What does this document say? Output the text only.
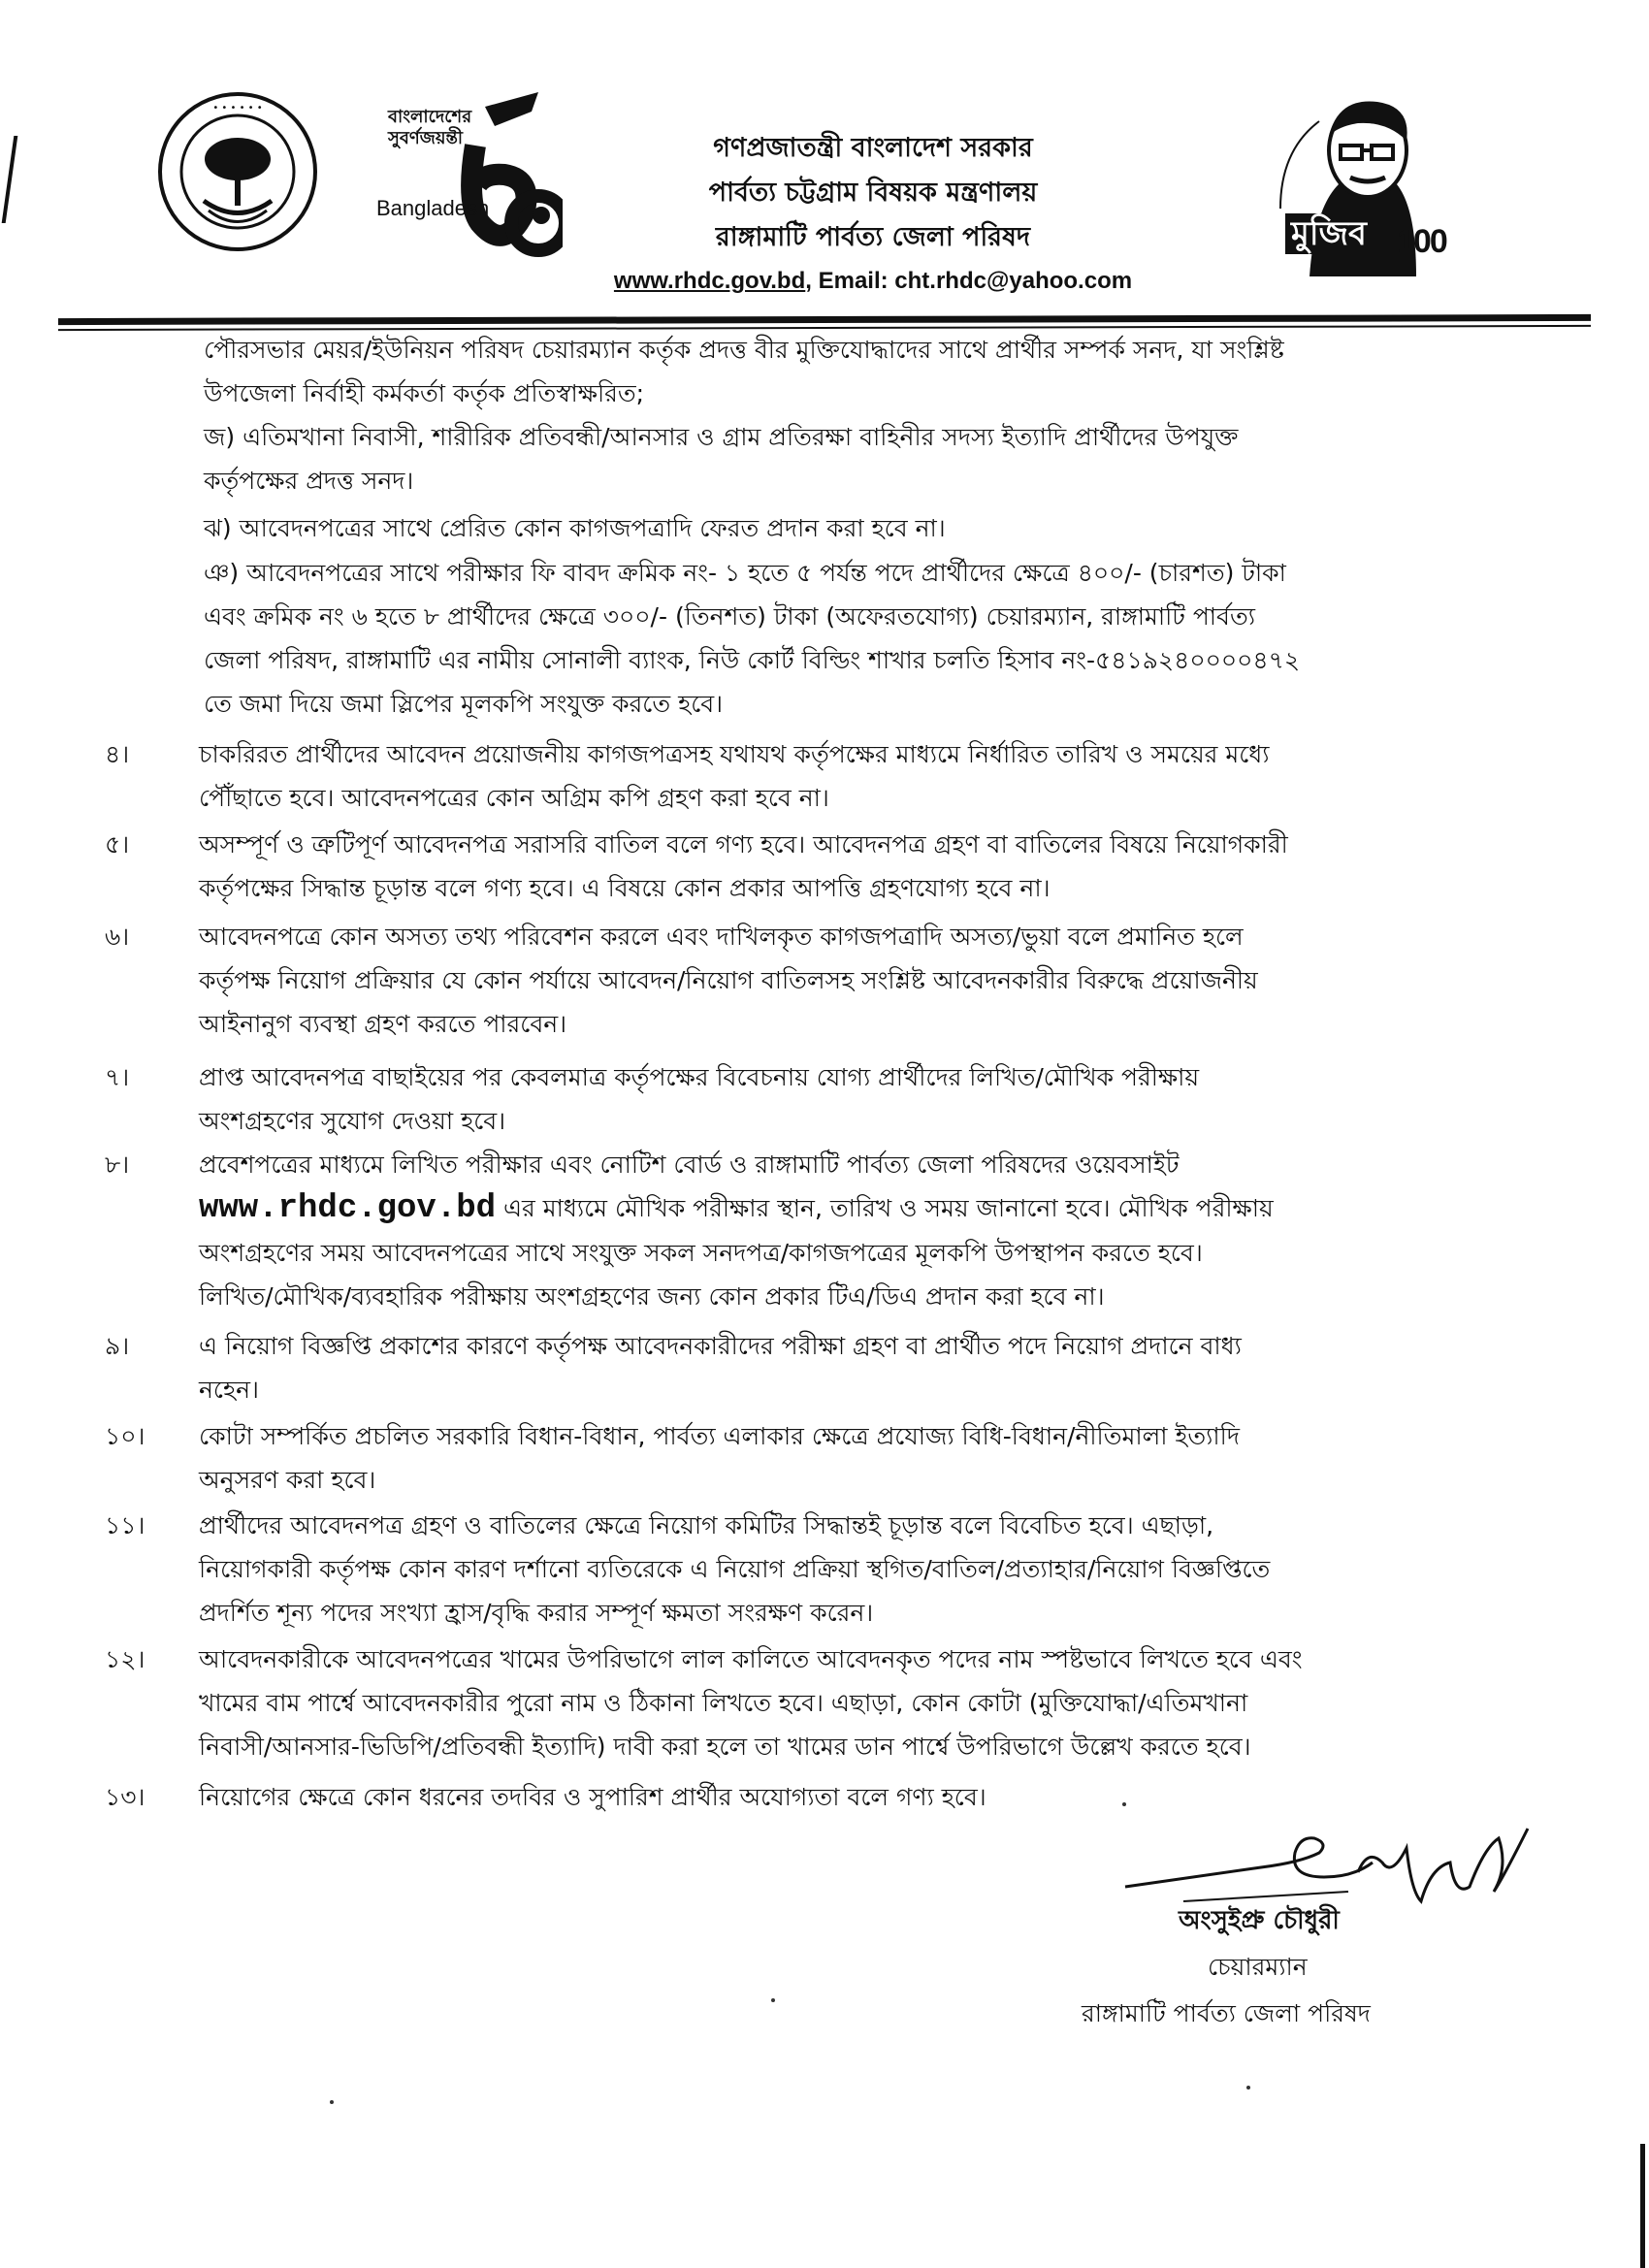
• • • • • •	বাংলাদেশের সুবর্ণজয়ন্তী
Bangladesh
গণপ্রজাতন্ত্রী বাংলাদেশ সরকার
পার্বত্য চট্টগ্রাম বিষয়ক মন্ত্রণালয়
রাঙ্গামাটি পার্বত্য জেলা পরিষদ
www.rhdc.gov.bd, Email: cht.rhdc@yahoo.com
মুজিব 100
পৌরসভার মেয়র/ইউনিয়ন পরিষদ চেয়ারম্যান কর্তৃক প্রদত্ত বীর মুক্তিযোদ্ধাদের সাথে প্রার্থীর সম্পর্ক সনদ, যা সংশ্লিষ্ট
উপজেলা নির্বাহী কর্মকর্তা কর্তৃক প্রতিস্বাক্ষরিত;
জ) এতিমখানা নিবাসী, শারীরিক প্রতিবন্ধী/আনসার ও গ্রাম প্রতিরক্ষা বাহিনীর সদস্য ইত্যাদি প্রার্থীদের উপযুক্ত
কর্তৃপক্ষের প্রদত্ত সনদ।
ঝ) আবেদনপত্রের সাথে প্রেরিত কোন কাগজপত্রাদি ফেরত প্রদান করা হবে না।
ঞ) আবেদনপত্রের সাথে পরীক্ষার ফি বাবদ ক্রমিক নং- ১ হতে ৫ পর্যন্ত পদে প্রার্থীদের ক্ষেত্রে ৪০০/- (চারশত) টাকা
এবং ক্রমিক নং ৬ হতে ৮ প্রার্থীদের ক্ষেত্রে ৩০০/- (তিনশত) টাকা (অফেরতযোগ্য) চেয়ারম্যান, রাঙ্গামাটি পার্বত্য
জেলা পরিষদ, রাঙ্গামাটি এর নামীয় সোনালী ব্যাংক, নিউ কোর্ট বিল্ডিং শাখার চলতি হিসাব নং-৫৪১৯২৪০০০০৪৭২
তে জমা দিয়ে জমা স্লিপের মূলকপি সংযুক্ত করতে হবে।
৪।	চাকরিরত প্রার্থীদের আবেদন প্রয়োজনীয় কাগজপত্রসহ যথাযথ কর্তৃপক্ষের মাধ্যমে নির্ধারিত তারিখ ও সময়ের মধ্যে
পৌঁছাতে হবে। আবেদনপত্রের কোন অগ্রিম কপি গ্রহণ করা হবে না।
৫।	অসম্পূর্ণ ও ত্রুটিপূর্ণ আবেদনপত্র সরাসরি বাতিল বলে গণ্য হবে। আবেদনপত্র গ্রহণ বা বাতিলের বিষয়ে নিয়োগকারী
কর্তৃপক্ষের সিদ্ধান্ত চূড়ান্ত বলে গণ্য হবে। এ বিষয়ে কোন প্রকার আপত্তি গ্রহণযোগ্য হবে না।
৬।	আবেদনপত্রে কোন অসত্য তথ্য পরিবেশন করলে এবং দাখিলকৃত কাগজপত্রাদি অসত্য/ভুয়া বলে প্রমানিত হলে
কর্তৃপক্ষ নিয়োগ প্রক্রিয়ার যে কোন পর্যায়ে আবেদন/নিয়োগ বাতিলসহ সংশ্লিষ্ট আবেদনকারীর বিরুদ্ধে প্রয়োজনীয়
আইনানুগ ব্যবস্থা গ্রহণ করতে পারবেন।
৭।	প্রাপ্ত আবেদনপত্র বাছাইয়ের পর কেবলমাত্র কর্তৃপক্ষের বিবেচনায় যোগ্য প্রার্থীদের লিখিত/মৌখিক পরীক্ষায়
অংশগ্রহণের সুযোগ দেওয়া হবে।
৮।	প্রবেশপত্রের মাধ্যমে লিখিত পরীক্ষার এবং নোটিশ বোর্ড ও রাঙ্গামাটি পার্বত্য জেলা পরিষদের ওয়েবসাইট
www.rhdc.gov.bd এর মাধ্যমে মৌখিক পরীক্ষার স্থান, তারিখ ও সময় জানানো হবে। মৌখিক পরীক্ষায়
অংশগ্রহণের সময় আবেদনপত্রের সাথে সংযুক্ত সকল সনদপত্র/কাগজপত্রের মূলকপি উপস্থাপন করতে হবে।
লিখিত/মৌখিক/ব্যবহারিক পরীক্ষায় অংশগ্রহণের জন্য কোন প্রকার টিএ/ডিএ প্রদান করা হবে না।
৯।	এ নিয়োগ বিজ্ঞপ্তি প্রকাশের কারণে কর্তৃপক্ষ আবেদনকারীদের পরীক্ষা গ্রহণ বা প্রার্থীত পদে নিয়োগ প্রদানে বাধ্য
নহেন।
১০।	কোটা সম্পর্কিত প্রচলিত সরকারি বিধান-বিধান, পার্বত্য এলাকার ক্ষেত্রে প্রযোজ্য বিধি-বিধান/নীতিমালা ইত্যাদি
অনুসরণ করা হবে।
১১।	প্রার্থীদের আবেদনপত্র গ্রহণ ও বাতিলের ক্ষেত্রে নিয়োগ কমিটির সিদ্ধান্তই চূড়ান্ত বলে বিবেচিত হবে। এছাড়া,
নিয়োগকারী কর্তৃপক্ষ কোন কারণ দর্শানো ব্যতিরেকে এ নিয়োগ প্রক্রিয়া স্থগিত/বাতিল/প্রত্যাহার/নিয়োগ বিজ্ঞপ্তিতে
প্রদর্শিত শূন্য পদের সংখ্যা হ্রাস/বৃদ্ধি করার সম্পূর্ণ ক্ষমতা সংরক্ষণ করেন।
১২।	আবেদনকারীকে আবেদনপত্রের খামের উপরিভাগে লাল কালিতে আবেদনকৃত পদের নাম স্পষ্টভাবে লিখতে হবে এবং
খামের বাম পার্শ্বে আবেদনকারীর পুরো নাম ও ঠিকানা লিখতে হবে। এছাড়া, কোন কোটা (মুক্তিযোদ্ধা/এতিমখানা
নিবাসী/আনসার-ভিডিপি/প্রতিবন্ধী ইত্যাদি) দাবী করা হলে তা খামের ডান পার্শ্বে উপরিভাগে উল্লেখ করতে হবে।
১৩।	নিয়োগের ক্ষেত্রে কোন ধরনের তদবির ও সুপারিশ প্রার্থীর অযোগ্যতা বলে গণ্য হবে।
অংসুইপ্রু চৌধুরী
চেয়ারম্যান
রাঙ্গামাটি পার্বত্য জেলা পরিষদ
